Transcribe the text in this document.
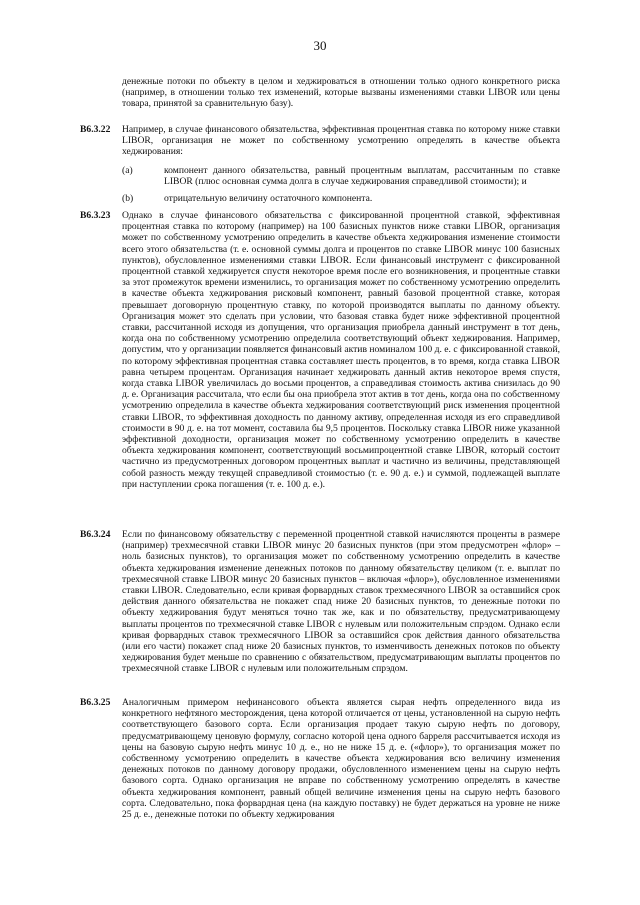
30
денежные потоки по объекту в целом и хеджироваться в отношении только одного конкретного риска (например, в отношении только тех изменений, которые вызваны изменениями ставки LIBOR или цены товара, принятой за сравнительную базу).
B6.3.22	Например, в случае финансового обязательства, эффективная процентная ставка по которому ниже ставки LIBOR, организация не может по собственному усмотрению определять в качестве объекта хеджирования:
(a)	компонент данного обязательства, равный процентным выплатам, рассчитанным по ставке LIBOR (плюс основная сумма долга в случае хеджирования справедливой стоимости); и
(b)	отрицательную величину остаточного компонента.
B6.3.23	Однако в случае финансового обязательства с фиксированной процентной ставкой, эффективная процентная ставка по которому (например) на 100 базисных пунктов ниже ставки LIBOR, организация может по собственному усмотрению определить в качестве объекта хеджирования изменение стоимости всего этого обязательства (т. е. основной суммы долга и процентов по ставке LIBOR минус 100 базисных пунктов), обусловленное изменениями ставки LIBOR. Если финансовый инструмент с фиксированной процентной ставкой хеджируется спустя некоторое время после его возникновения, и процентные ставки за этот промежуток времени изменились, то организация может по собственному усмотрению определить в качестве объекта хеджирования рисковый компонент, равный базовой процентной ставке, которая превышает договорную процентную ставку, по которой производятся выплаты по данному объекту. Организация может это сделать при условии, что базовая ставка будет ниже эффективной процентной ставки, рассчитанной исходя из допущения, что организация приобрела данный инструмент в тот день, когда она по собственному усмотрению определила соответствующий объект хеджирования. Например, допустим, что у организации появляется финансовый актив номиналом 100 д. е. с фиксированной ставкой, по которому эффективная процентная ставка составляет шесть процентов, в то время, когда ставка LIBOR равна четырем процентам. Организация начинает хеджировать данный актив некоторое время спустя, когда ставка LIBOR увеличилась до восьми процентов, а справедливая стоимость актива снизилась до 90 д. е. Организация рассчитала, что если бы она приобрела этот актив в тот день, когда она по собственному усмотрению определила в качестве объекта хеджирования соответствующий риск изменения процентной ставки LIBOR, то эффективная доходность по данному активу, определенная исходя из его справедливой стоимости в 90 д. е. на тот момент, составила бы 9,5 процентов. Поскольку ставка LIBOR ниже указанной эффективной доходности, организация может по собственному усмотрению определить в качестве объекта хеджирования компонент, соответствующий восьмипроцентной ставке LIBOR, который состоит частично из предусмотренных договором процентных выплат и частично из величины, представляющей собой разность между текущей справедливой стоимостью (т. е. 90 д. е.) и суммой, подлежащей выплате при наступлении срока погашения (т. е. 100 д. е.).
B6.3.24	Если по финансовому обязательству с переменной процентной ставкой начисляются проценты в размере (например) трехмесячной ставки LIBOR минус 20 базисных пунктов (при этом предусмотрен «флор» – ноль базисных пунктов), то организация может по собственному усмотрению определить в качестве объекта хеджирования изменение денежных потоков по данному обязательству целиком (т. е. выплат по трехмесячной ставке LIBOR минус 20 базисных пунктов – включая «флор»), обусловленное изменениями ставки LIBOR. Следовательно, если кривая форвардных ставок трехмесячного LIBOR за оставшийся срок действия данного обязательства не покажет спад ниже 20 базисных пунктов, то денежные потоки по объекту хеджирования будут меняться точно так же, как и по обязательству, предусматривающему выплаты процентов по трехмесячной ставке LIBOR с нулевым или положительным спрэдом. Однако если кривая форвардных ставок трехмесячного LIBOR за оставшийся срок действия данного обязательства (или его части) покажет спад ниже 20 базисных пунктов, то изменчивость денежных потоков по объекту хеджирования будет меньше по сравнению с обязательством, предусматривающим выплаты процентов по трехмесячной ставке LIBOR с нулевым или положительным спрэдом.
B6.3.25	Аналогичным примером нефинансового объекта является сырая нефть определенного вида из конкретного нефтяного месторождения, цена которой отличается от цены, установленной на сырую нефть соответствующего базового сорта. Если организация продает такую сырую нефть по договору, предусматривающему ценовую формулу, согласно которой цена одного барреля рассчитывается исходя из цены на базовую сырую нефть минус 10 д. е., но не ниже 15 д. е. («флор»), то организация может по собственному усмотрению определить в качестве объекта хеджирования всю величину изменения денежных потоков по данному договору продажи, обусловленного изменением цены на сырую нефть базового сорта. Однако организация не вправе по собственному усмотрению определять в качестве объекта хеджирования компонент, равный общей величине изменения цены на сырую нефть базового сорта. Следовательно, пока форвардная цена (на каждую поставку) не будет держаться на уровне не ниже 25 д. е., денежные потоки по объекту хеджирования
